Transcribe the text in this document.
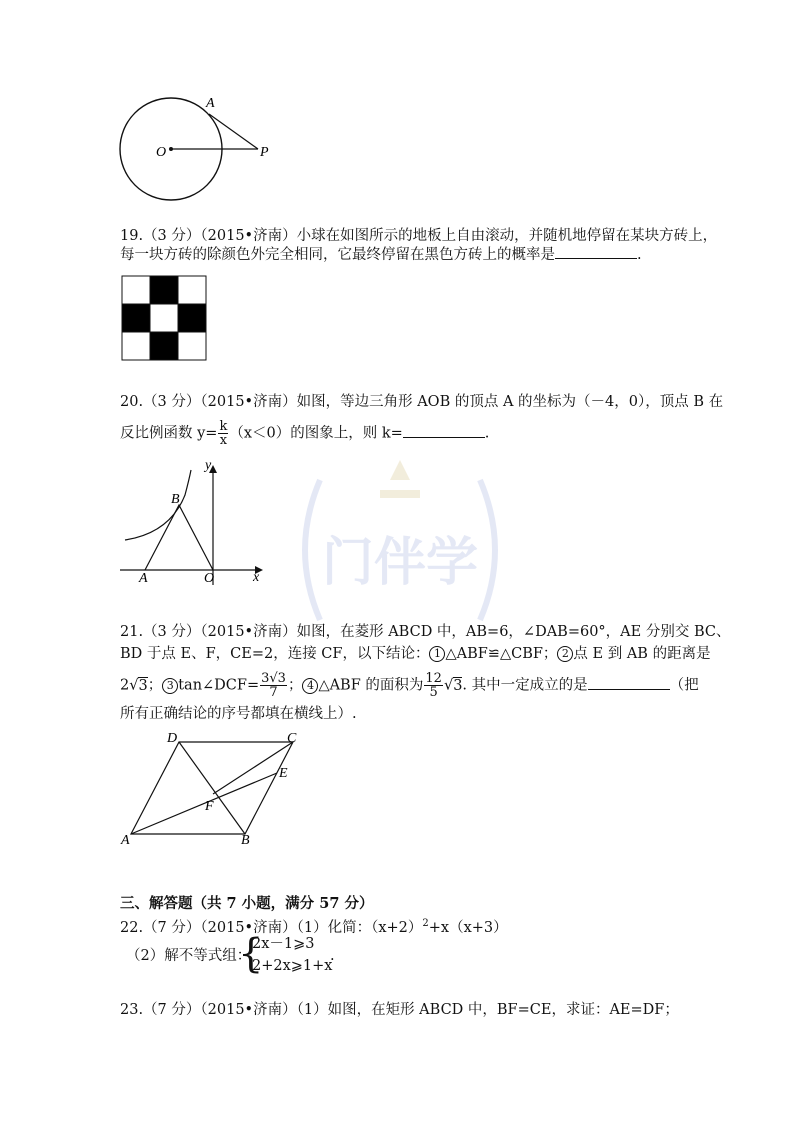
门伴学
A
O	P
19.（3 分）（2015•济南）小球在如图所示的地板上自由滚动，并随机地停留在某块方砖上，
每一块方砖的除颜色外完全相同，它最终停留在黑色方砖上的概率是	.
20.（3 分）（2015•济南）如图，等边三角形 AOB 的顶点 A 的坐标为（－4，0），顶点 B 在
反比例函数 $y= \frac{k}{x} (x<0)$的图象上，则 k=	.
y
x
B
A	O
21.（3 分）（2015•济南）如图，在菱形 ABCD 中，AB=6，∠DAB=60°，AE 分别交 BC、
BD 于点 E、F，CE=2，连接 CF，以下结论： 1 △ABF≌△CBF； 2 点 E 到 AB 的距离是
2√3； 3 tan∠DCF= $\frac{3√3}{7}$ ； 4 △ABF 的面积为 $\frac{12}{5} √3$. 其中一定成立的是	（把
所有正确结论的序号都填在横线上）.
D	C
E
F
A	B
三、解答题（共 7 小题，满分 57 分）
22.（7 分）（2015•济南）（1）化简：$(x+2)^2+x(x+3)$
（2）解不等式组：
{
2x－1⩾3
2+2x⩾1+x
.
23.（7 分）（2015•济南）（1）如图，在矩形 ABCD 中，BF=CE，求证：AE=DF；
